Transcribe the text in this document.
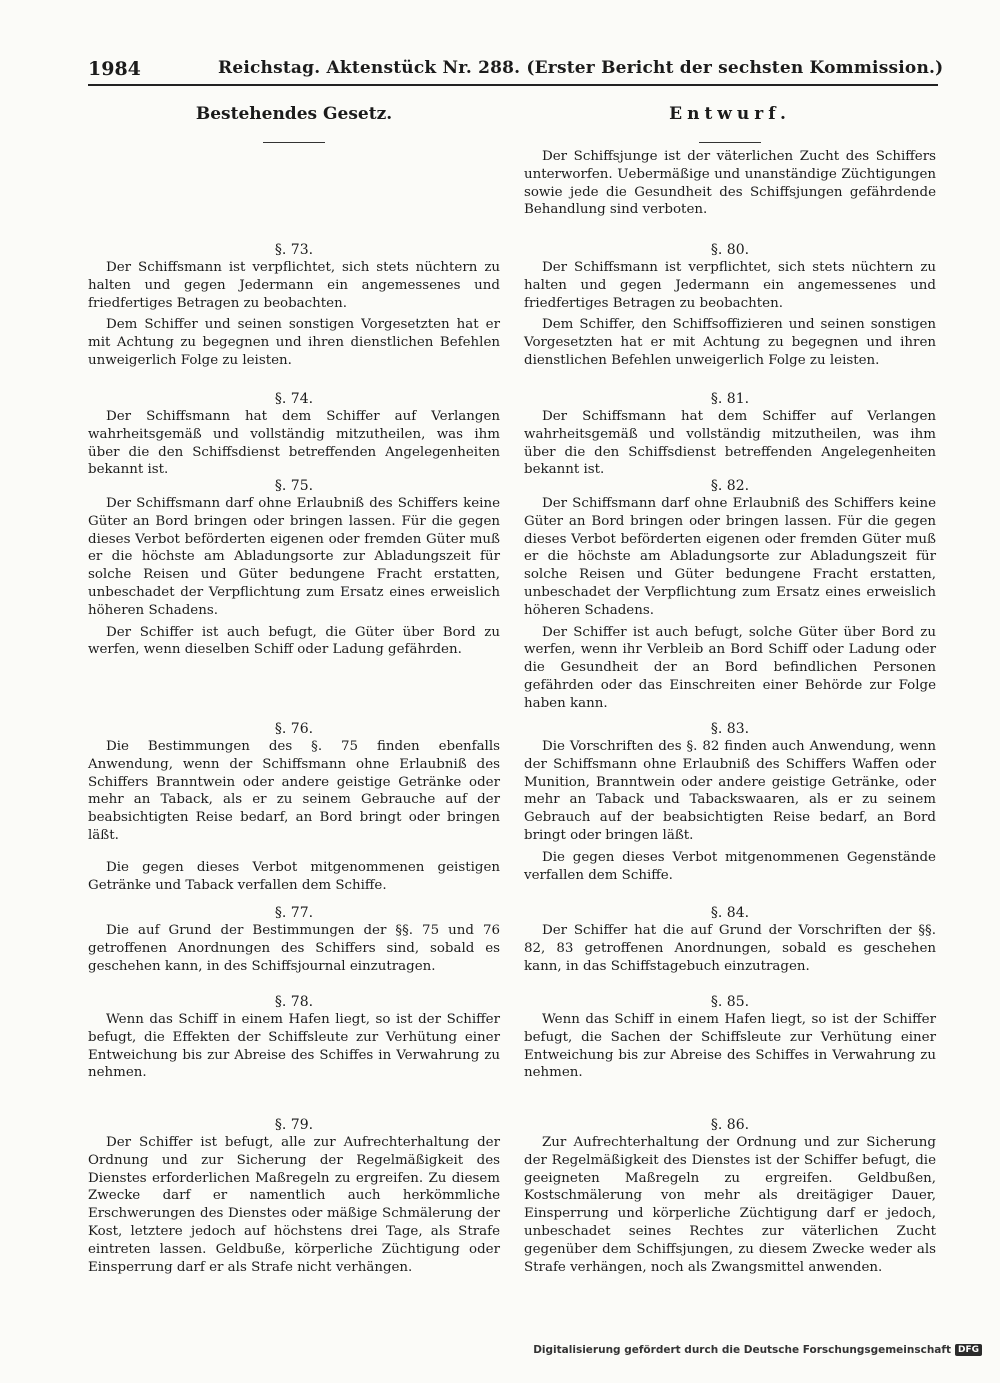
1984	Reichstag. Aktenstück Nr. 288. (Erster Bericht der sechsten Kommission.)
Bestehendes Gesetz.
§. 73.

Der Schiffsmann ist verpflichtet, sich stets nüchtern zu halten und gegen Jedermann ein angemessenes und friedfertiges Betragen zu beobachten.

Dem Schiffer und seinen sonstigen Vorgesetzten hat er mit Achtung zu begegnen und ihren dienstlichen Befehlen unweigerlich Folge zu leisten.

§. 74.

Der Schiffsmann hat dem Schiffer auf Verlangen wahrheitsgemäß und vollständig mitzutheilen, was ihm über die den Schiffsdienst betreffenden Angelegenheiten bekannt ist.

§. 75.

Der Schiffsmann darf ohne Erlaubniß des Schiffers keine Güter an Bord bringen oder bringen lassen. Für die gegen dieses Verbot beförderten eigenen oder fremden Güter muß er die höchste am Abladungsorte zur Abladungszeit für solche Reisen und Güter bedungene Fracht erstatten, unbeschadet der Verpflichtung zum Ersatz eines erweislich höheren Schadens.

Der Schiffer ist auch befugt, die Güter über Bord zu werfen, wenn dieselben Schiff oder Ladung gefährden.

§. 76.

Die Bestimmungen des §. 75 finden ebenfalls Anwendung, wenn der Schiffsmann ohne Erlaubniß des Schiffers Branntwein oder andere geistige Getränke oder mehr an Taback, als er zu seinem Gebrauche auf der beabsichtigten Reise bedarf, an Bord bringt oder bringen läßt.

Die gegen dieses Verbot mitgenommenen geistigen Getränke und Taback verfallen dem Schiffe.

§. 77.

Die auf Grund der Bestimmungen der §§. 75 und 76 getroffenen Anordnungen des Schiffers sind, sobald es geschehen kann, in des Schiffsjournal einzutragen.

§. 78.

Wenn das Schiff in einem Hafen liegt, so ist der Schiffer befugt, die Effekten der Schiffsleute zur Verhütung einer Entweichung bis zur Abreise des Schiffes in Verwahrung zu nehmen.

§. 79.

Der Schiffer ist befugt, alle zur Aufrechterhaltung der Ordnung und zur Sicherung der Regelmäßigkeit des Dienstes erforderlichen Maßregeln zu ergreifen. Zu diesem Zwecke darf er namentlich auch herkömmliche Erschwerungen des Dienstes oder mäßige Schmälerung der Kost, letztere jedoch auf höchstens drei Tage, als Strafe eintreten lassen. Geldbuße, körperliche Züchtigung oder Einsperrung darf er als Strafe nicht verhängen.

Entwurf.

Der Schiffsjunge ist der väterlichen Zucht des Schiffers unterworfen. Uebermäßige und unanständige Züchtigungen sowie jede die Gesundheit des Schiffsjungen gefährdende Behandlung sind verboten.

§. 80.

Der Schiffsmann ist verpflichtet, sich stets nüchtern zu halten und gegen Jedermann ein angemessenes und friedfertiges Betragen zu beobachten.

Dem Schiffer, den Schiffsoffizieren und seinen sonstigen Vorgesetzten hat er mit Achtung zu begegnen und ihren dienstlichen Befehlen unweigerlich Folge zu leisten.

§. 81.

Der Schiffsmann hat dem Schiffer auf Verlangen wahrheitsgemäß und vollständig mitzutheilen, was ihm über die den Schiffsdienst betreffenden Angelegenheiten bekannt ist.

§. 82.

Der Schiffsmann darf ohne Erlaubniß des Schiffers keine Güter an Bord bringen oder bringen lassen. Für die gegen dieses Verbot beförderten eigenen oder fremden Güter muß er die höchste am Abladungsorte zur Abladungszeit für solche Reisen und Güter bedungene Fracht erstatten, unbeschadet der Verpflichtung zum Ersatz eines erweislich höheren Schadens.

Der Schiffer ist auch befugt, solche Güter über Bord zu werfen, wenn ihr Verbleib an Bord Schiff oder Ladung oder die Gesundheit der an Bord befindlichen Personen gefährden oder das Einschreiten einer Behörde zur Folge haben kann.

§. 83.

Die Vorschriften des §. 82 finden auch Anwendung, wenn der Schiffsmann ohne Erlaubniß des Schiffers Waffen oder Munition, Branntwein oder andere geistige Getränke, oder mehr an Taback und Tabackswaaren, als er zu seinem Gebrauch auf der beabsichtigten Reise bedarf, an Bord bringt oder bringen läßt.

Die gegen dieses Verbot mitgenommenen Gegenstände verfallen dem Schiffe.

§. 84.

Der Schiffer hat die auf Grund der Vorschriften der §§. 82, 83 getroffenen Anordnungen, sobald es geschehen kann, in das Schiffstagebuch einzutragen.

§. 85.

Wenn das Schiff in einem Hafen liegt, so ist der Schiffer befugt, die Sachen der Schiffsleute zur Verhütung einer Entweichung bis zur Abreise des Schiffes in Verwahrung zu nehmen.

§. 86.

Zur Aufrechterhaltung der Ordnung und zur Sicherung der Regelmäßigkeit des Dienstes ist der Schiffer befugt, die geeigneten Maßregeln zu ergreifen. Geldbußen, Kostschmälerung von mehr als dreitägiger Dauer, Einsperrung und körperliche Züchtigung darf er jedoch, unbeschadet seines Rechtes zur väterlichen Zucht gegenüber dem Schiffsjungen, zu diesem Zwecke weder als Strafe verhängen, noch als Zwangsmittel anwenden.

Digitalisierung gefördert durch die Deutsche Forschungsgemeinschaft DFG
